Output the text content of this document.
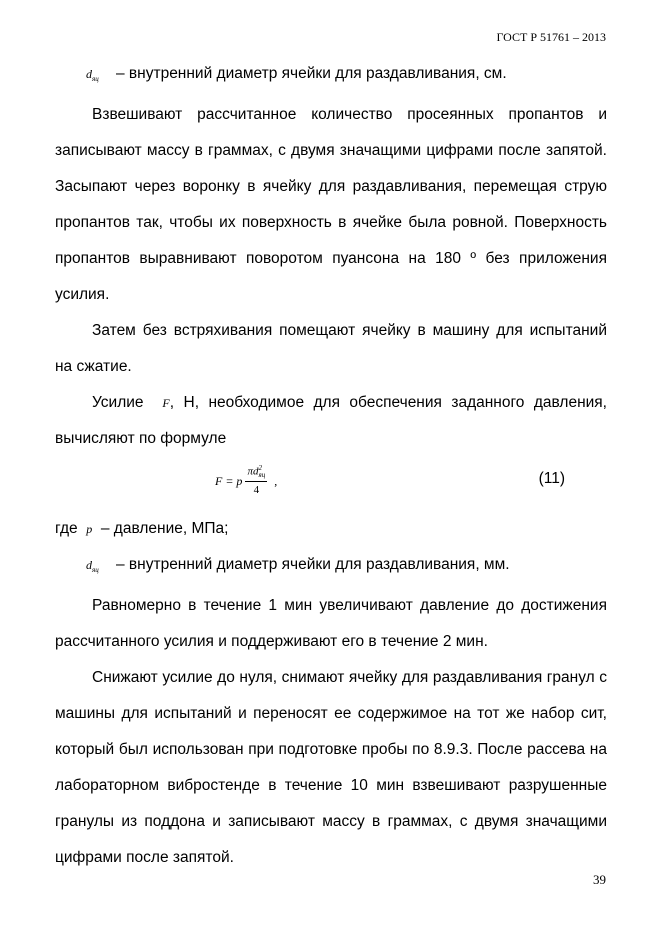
ГОСТ Р 51761 – 2013

$d_{яц}$ – внутренний диаметр ячейки для раздавливания, см.

Взвешивают рассчитанное количество просеянных пропантов и записывают массу в граммах, с двумя значащими цифрами после запятой. Засыпают через воронку в ячейку для раздавливания, перемещая струю пропантов так, чтобы их поверхность в ячейке была ровной. Поверхность пропантов выравнивают поворотом пуансона на 180 º без приложения усилия.

Затем без встряхивания помещают ячейку в машину для испытаний на сжатие.

Усилие F, Н, необходимое для обеспечения заданного давления, вычисляют по формуле

F = p πd 2
яц
4 ,	(11)

где p – давление, МПа;

$d_{яц}$ – внутренний диаметр ячейки для раздавливания, мм.

Равномерно в течение 1 мин увеличивают давление до достижения рассчитанного усилия и поддерживают его в течение 2 мин.

Снижают усилие до нуля, снимают ячейку для раздавливания гранул с машины для испытаний и переносят ее содержимое на тот же набор сит, который был использован при подготовке пробы по 8.9.3. После рассева на лабораторном вибростенде в течение 10 мин взвешивают разрушенные гранулы из поддона и записывают массу в граммах, с двумя значащими цифрами после запятой.

39
